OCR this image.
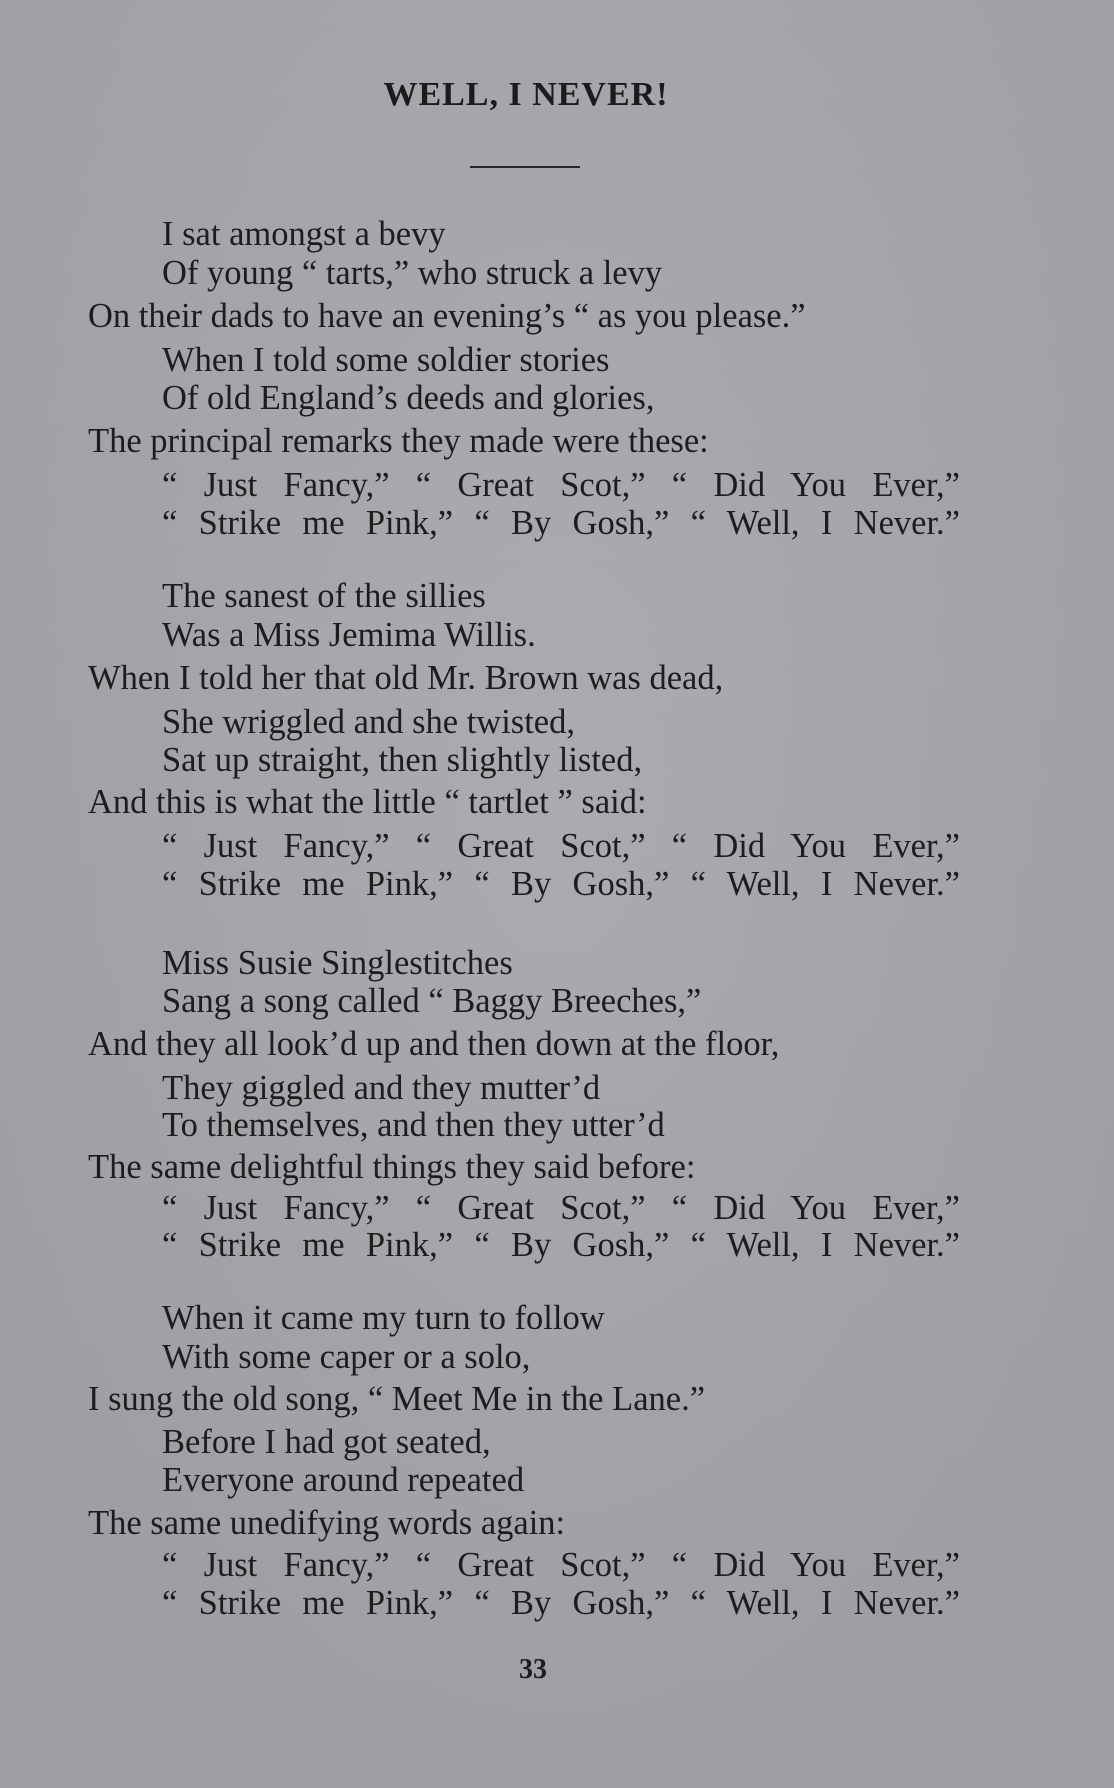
WELL, I NEVER!
I sat amongst a bevy
Of young “ tarts,” who struck a levy
On their dads to have an evening’s “ as you please.”
When I told some soldier stories
Of old England’s deeds and glories,
The principal remarks they made were these:
“ Just Fancy,” “ Great Scot,” “ Did You Ever,”
“ Strike me Pink,” “ By Gosh,” “ Well, I Never.”
The sanest of the sillies
Was a Miss Jemima Willis.
When I told her that old Mr. Brown was dead,
She wriggled and she twisted,
Sat up straight, then slightly listed,
And this is what the little “ tartlet ” said:
“ Just Fancy,” “ Great Scot,” “ Did You Ever,”
“ Strike me Pink,” “ By Gosh,” “ Well, I Never.”
Miss Susie Singlestitches
Sang a song called “ Baggy Breeches,”
And they all look’d up and then down at the floor,
They giggled and they mutter’d
To themselves, and then they utter’d
The same delightful things they said before:
“ Just Fancy,” “ Great Scot,” “ Did You Ever,”
“ Strike me Pink,” “ By Gosh,” “ Well, I Never.”
When it came my turn to follow
With some caper or a solo,
I sung the old song, “ Meet Me in the Lane.”
Before I had got seated,
Everyone around repeated
The same unedifying words again:
“ Just Fancy,” “ Great Scot,” “ Did You Ever,”
“ Strike me Pink,” “ By Gosh,” “ Well, I Never.”
33
